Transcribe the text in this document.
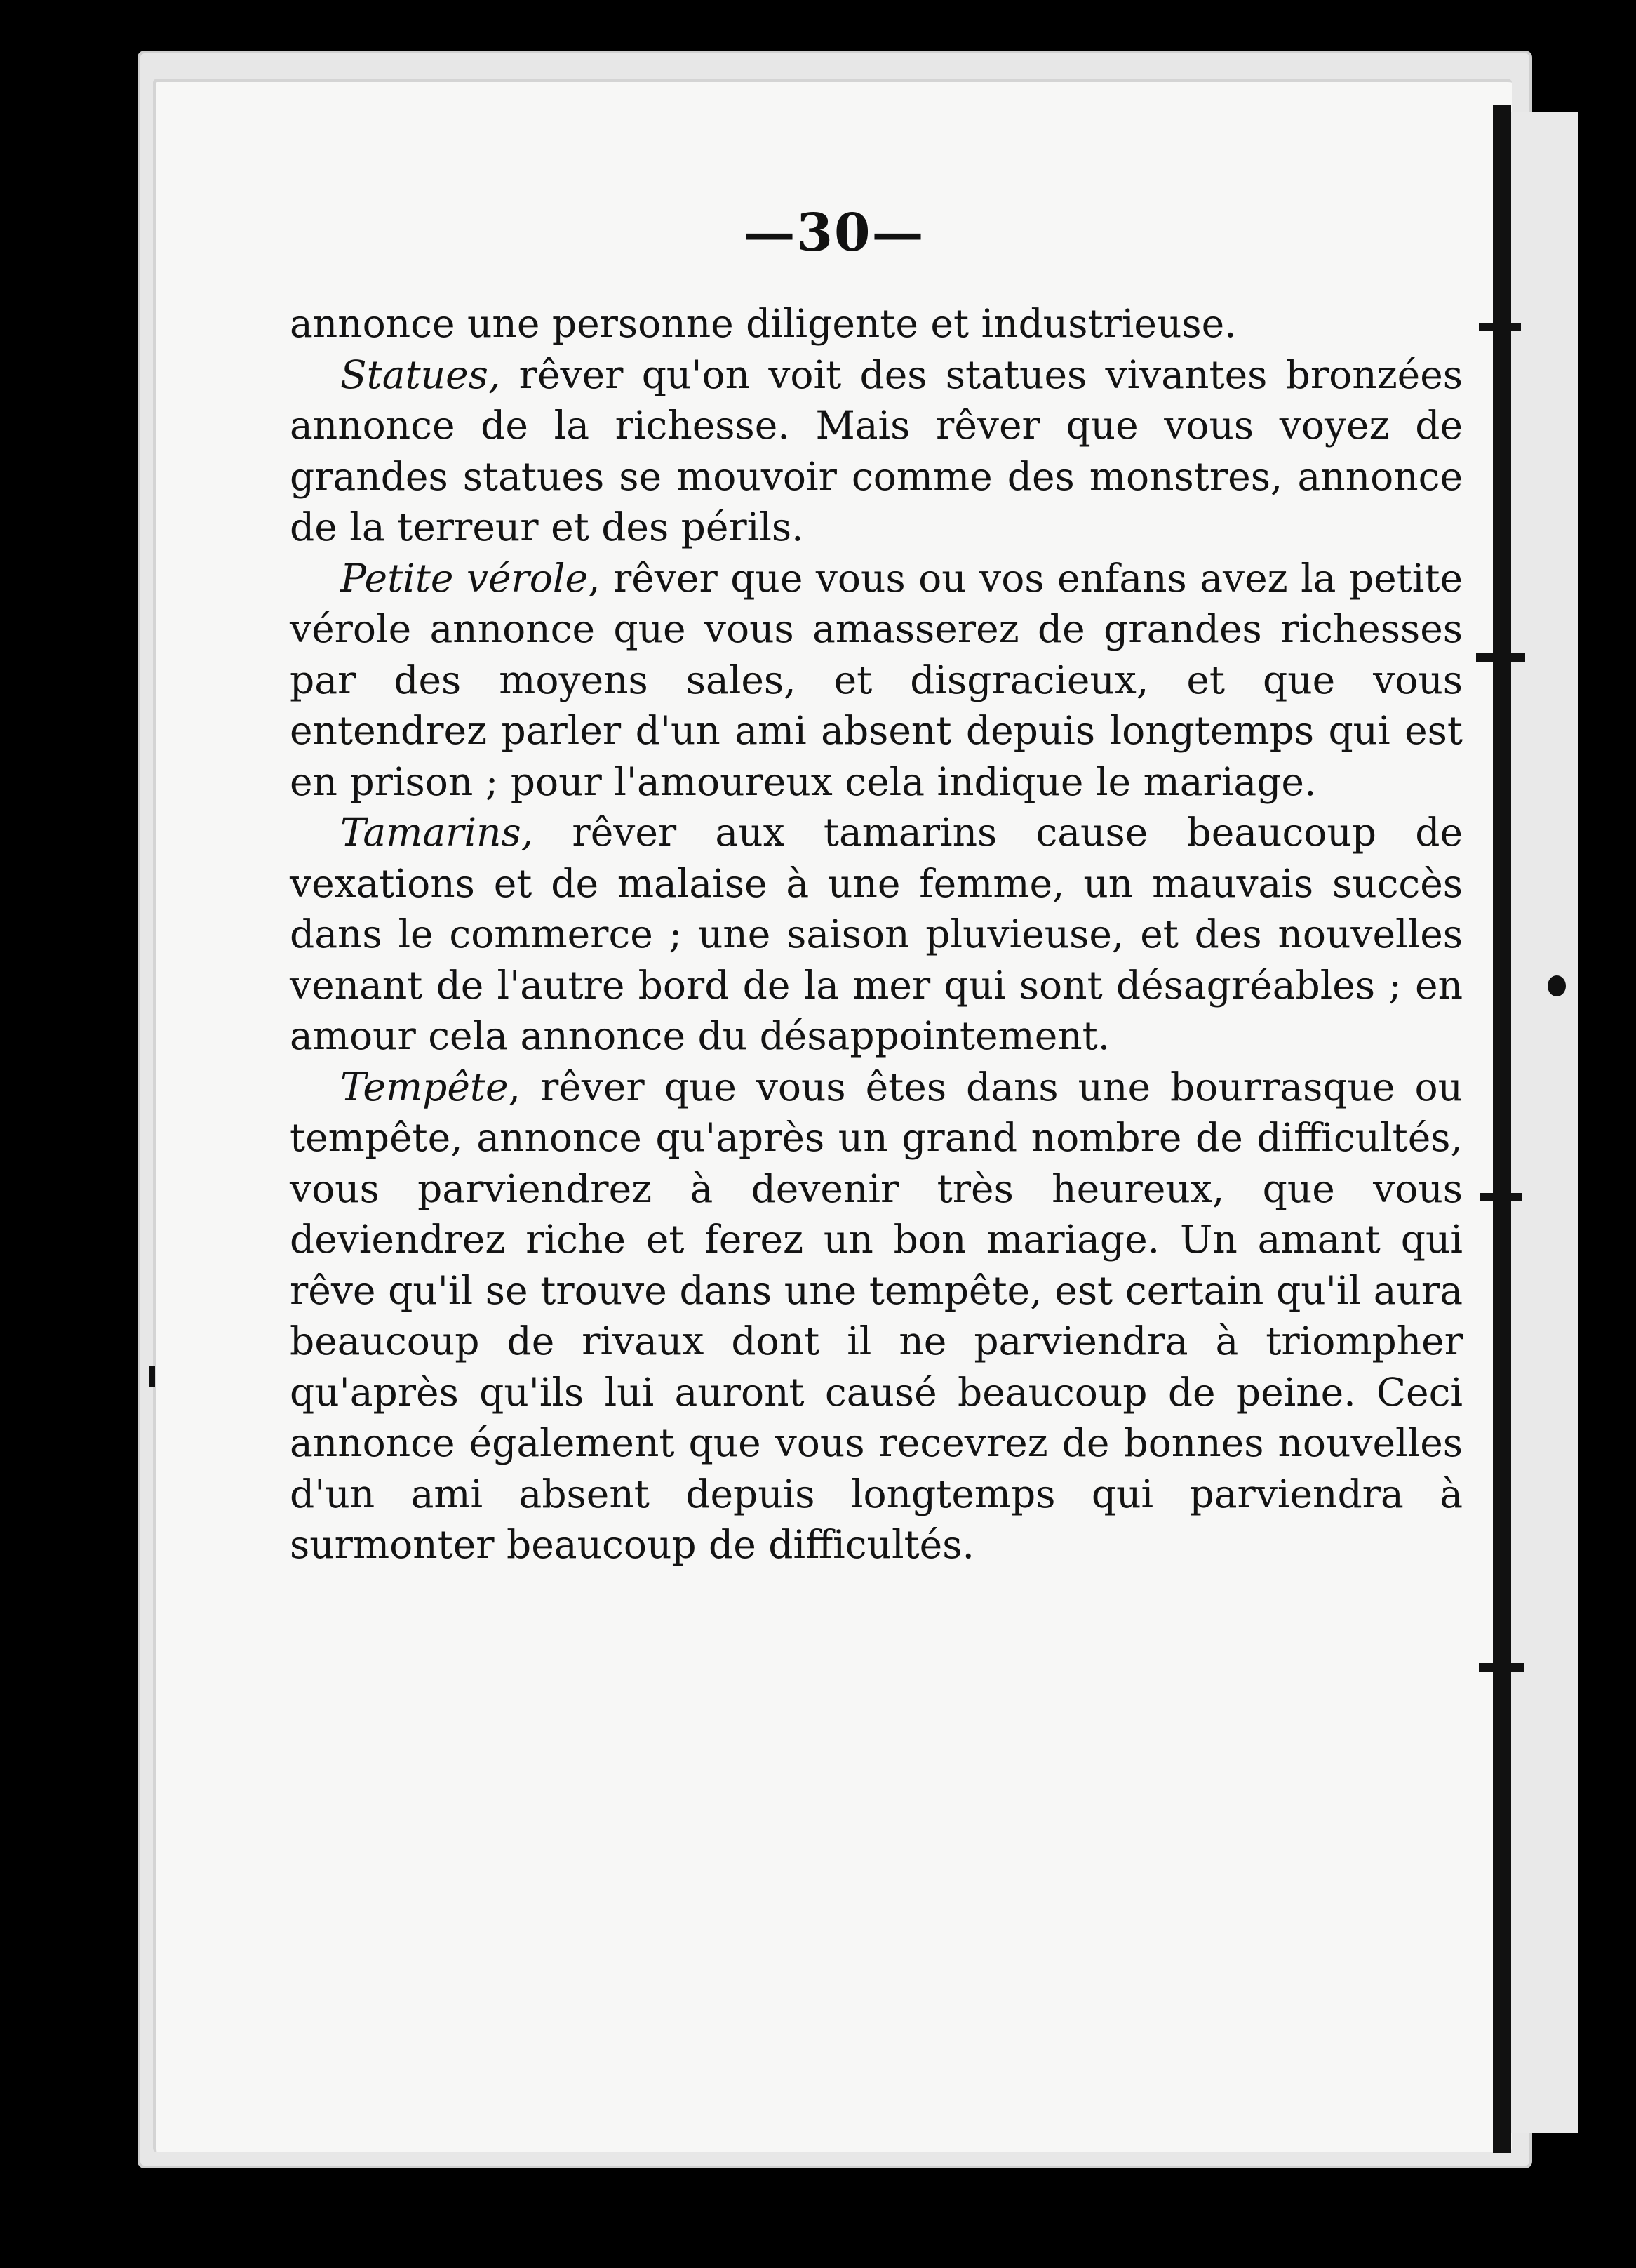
—30—

annonce une personne diligente et industrieuse.

Statues, rêver qu'on voit des statues vivantes bronzées annonce de la richesse. Mais rêver que vous voyez de grandes statues se mouvoir comme des monstres, annonce de la terreur et des périls.

Petite vérole, rêver que vous ou vos enfans avez la petite vérole annonce que vous amasserez de grandes richesses par des moyens sales, et disgracieux, et que vous entendrez parler d'un ami absent depuis longtemps qui est en prison ; pour l'amoureux cela indique le mariage.

Tamarins, rêver aux tamarins cause beaucoup de vexations et de malaise à une femme, un mauvais succès dans le commerce ; une saison pluvieuse, et des nouvelles venant de l'autre bord de la mer qui sont désagréables ; en amour cela annonce du désappointement.

Tempête, rêver que vous êtes dans une bourrasque ou tempête, annonce qu'après un grand nombre de difficultés, vous parviendrez à devenir très heureux, que vous deviendrez riche et ferez un bon mariage. Un amant qui rêve qu'il se trouve dans une tempête, est certain qu'il aura beaucoup de rivaux dont il ne parviendra à triompher qu'après qu'ils lui auront causé beaucoup de peine. Ceci annonce également que vous recevrez de bonnes nouvelles d'un ami absent depuis longtemps qui parviendra à surmonter beaucoup de difficultés.
